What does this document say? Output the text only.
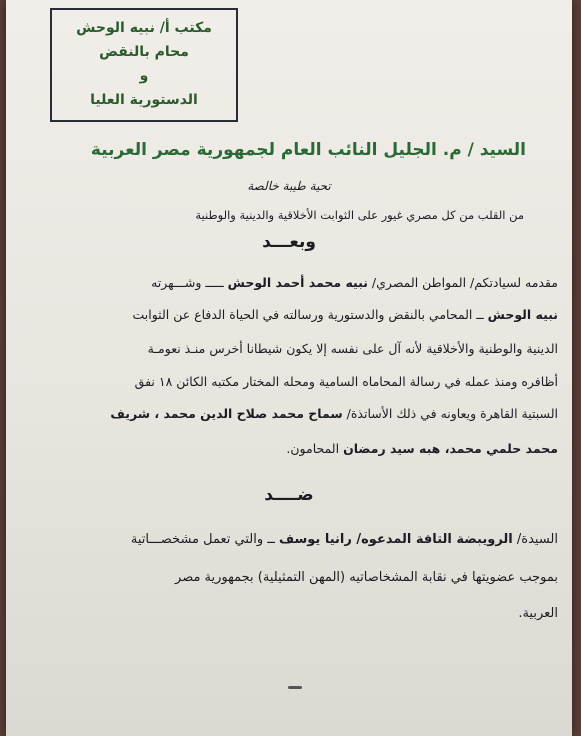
مكتب أ/ نبيه الوحش
محام بالنقض
و
الدستورية العليا
السيد / م. الجليل النائب العام لجمهورية مصر العربية
تحية طيبة خالصة
من القلب من كل مصري غيور على الثوابت الأخلاقية والدينية والوطنية
وبعـــد
مقدمه لسيادتكم/ المواطن المصري/ نبيه محمد أحمد الوحش ـــــ وشـــهرته
نبيه الوحش ــ المحامي بالنقض والدستورية ورسالته في الحياة الدفاع عن الثوابت
الدينية والوطنية والأخلاقية لأنه آل على نفسه إلا يكون شيطانا أخرس منـذ نعومـة
أظافره ومنذ عمله في رسالة المحاماه السامية ومحله المختار مكتبه الكائن ١٨ نفق
السبتية القاهرة ويعاونه في ذلك الأساتذة/ سماح محمد صلاح الدين محمد ، شريف
محمد حلمي محمد، هبه سيد رمضان المحامون.
ضــــد
السيدة/ الرويبضة التافة المدعوه/ رانيا يوسف ــ والتي تعمل مشخصـــاتية
بموجب عضويتها في نقابة المشخاصاتيه (المهن التمثيلية) بجمهورية مصر
العربية.
